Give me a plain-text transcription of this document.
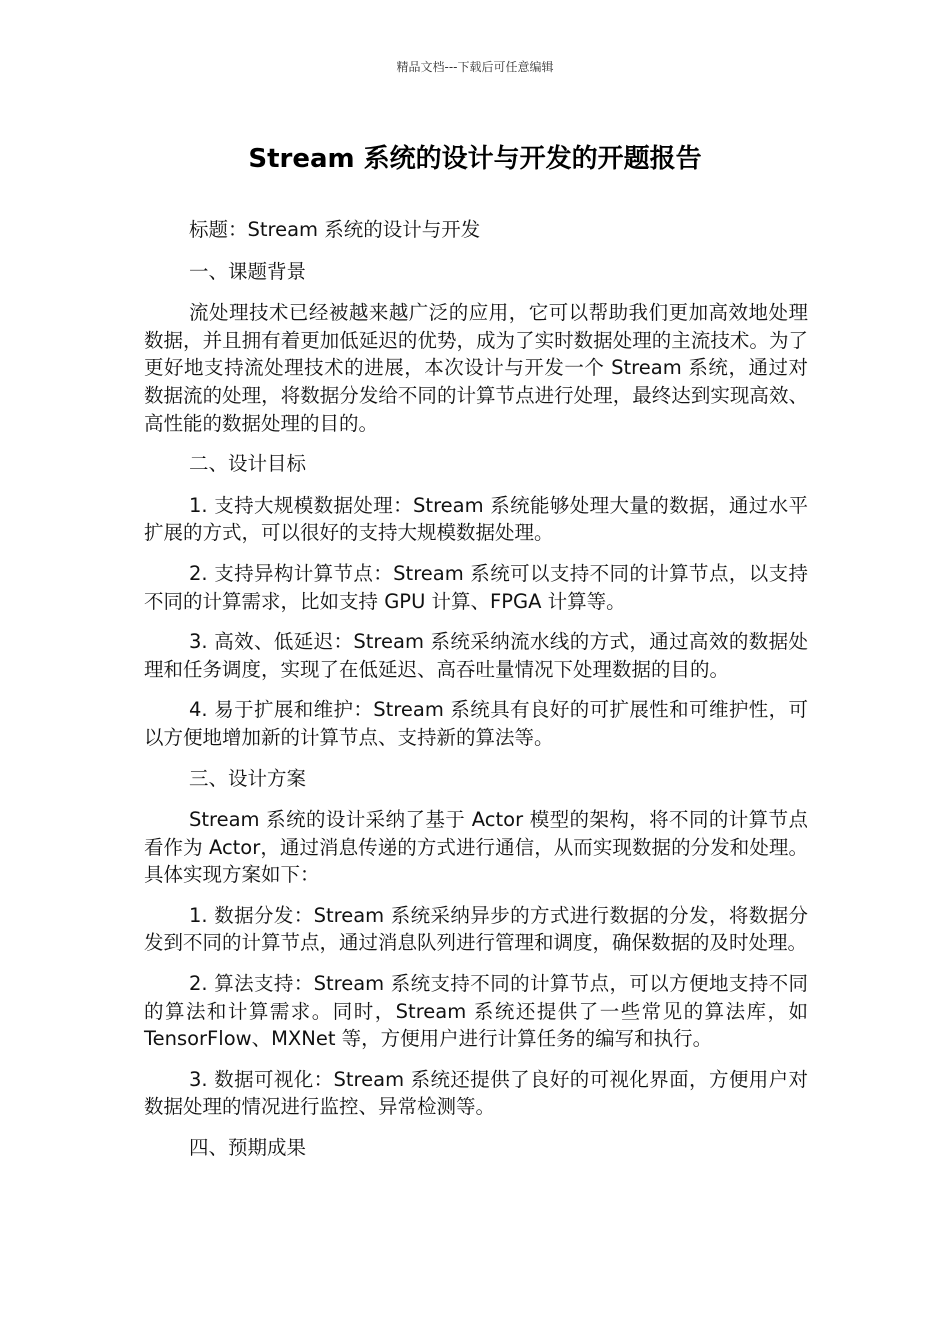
精品文档---下载后可任意编辑
Stream 系统的设计与开发的开题报告

标题：Stream 系统的设计与开发

一、课题背景

流处理技术已经被越来越广泛的应用，它可以帮助我们更加高效地处理数据，并且拥有着更加低延迟的优势，成为了实时数据处理的主流技术。为了更好地支持流处理技术的进展，本次设计与开发一个 Stream 系统，通过对数据流的处理，将数据分发给不同的计算节点进行处理，最终达到实现高效、高性能的数据处理的目的。

二、设计目标

1. 支持大规模数据处理：Stream 系统能够处理大量的数据，通过水平扩展的方式，可以很好的支持大规模数据处理。

2. 支持异构计算节点：Stream 系统可以支持不同的计算节点，以支持不同的计算需求，比如支持 GPU 计算、FPGA 计算等。

3. 高效、低延迟：Stream 系统采纳流水线的方式，通过高效的数据处理和任务调度，实现了在低延迟、高吞吐量情况下处理数据的目的。

4. 易于扩展和维护：Stream 系统具有良好的可扩展性和可维护性，可以方便地增加新的计算节点、支持新的算法等。

三、设计方案

Stream 系统的设计采纳了基于 Actor 模型的架构，将不同的计算节点看作为 Actor，通过消息传递的方式进行通信，从而实现数据的分发和处理。具体实现方案如下：

1. 数据分发：Stream 系统采纳异步的方式进行数据的分发，将数据分发到不同的计算节点，通过消息队列进行管理和调度，确保数据的及时处理。

2. 算法支持：Stream 系统支持不同的计算节点，可以方便地支持不同的算法和计算需求。同时，Stream 系统还提供了一些常见的算法库，如 TensorFlow、MXNet 等，方便用户进行计算任务的编写和执行。

3. 数据可视化：Stream 系统还提供了良好的可视化界面，方便用户对数据处理的情况进行监控、异常检测等。

四、预期成果
